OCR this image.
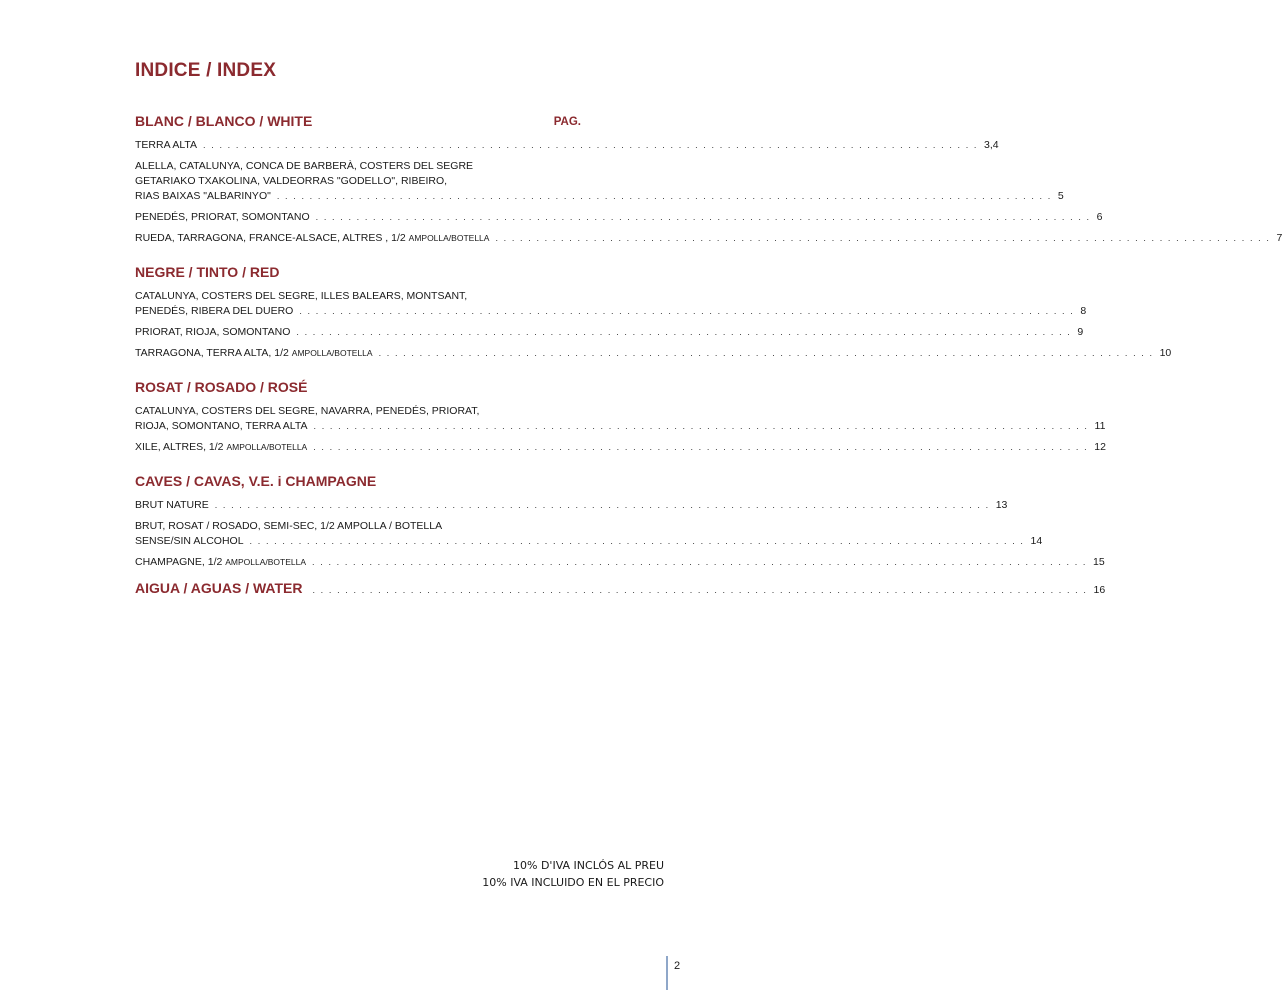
INDICE / INDEX
BLANC / BLANCO / WHITE	PAG.
TERRA ALTA . . . . . . . . . . . . . . . . . . . . . . . . . . . . . . . . . . . . . . . . . . . . . . . . . . . . . . . . . . . . . . . . . . . . . . . . . . . . . . . . . . . . . . . . . . . . . . . 3,4
ALELLA, CATALUNYA, CONCA DE BARBERÀ, COSTERS DEL SEGRE
GETARIAKO TXAKOLINA, VALDEORRAS "GODELLO", RIBEIRO,
RIAS BAIXAS "ALBARINYO" . . . . . . . . . . . . . . . . . . . . . . . . . . . . . . . . . . . . . . . . . . . . . . . . . . . . . . . . . . . . . . . . . . . . . . . . . . . . . . . . . . . . . . . . . . . . . . . 5
PENEDÉS, PRIORAT, SOMONTANO . . . . . . . . . . . . . . . . . . . . . . . . . . . . . . . . . . . . . . . . . . . . . . . . . . . . . . . . . . . . . . . . . . . . . . . . . . . . . . . . . . . . . . . . . . . . . . . 6
RUEDA, TARRAGONA, FRANCE-ALSACE, ALTRES , 1/2 AMPOLLA/BOTELLA . . . . . . . . . . . . . . . . . . . . . . . . . . . . . . . . . . . . . . . . . . . . . . . . . . . . . . . . . . . . . . . . . . . . . . . . . . . . . . . . . . . . . . . . . . . . . . . 7
NEGRE / TINTO / RED
CATALUNYA, COSTERS DEL SEGRE, ILLES BALEARS, MONTSANT,
PENEDÉS, RIBERA DEL DUERO . . . . . . . . . . . . . . . . . . . . . . . . . . . . . . . . . . . . . . . . . . . . . . . . . . . . . . . . . . . . . . . . . . . . . . . . . . . . . . . . . . . . . . . . . . . . . . . 8
PRIORAT, RIOJA, SOMONTANO . . . . . . . . . . . . . . . . . . . . . . . . . . . . . . . . . . . . . . . . . . . . . . . . . . . . . . . . . . . . . . . . . . . . . . . . . . . . . . . . . . . . . . . . . . . . . . . 9
TARRAGONA, TERRA ALTA, 1/2 AMPOLLA/BOTELLA . . . . . . . . . . . . . . . . . . . . . . . . . . . . . . . . . . . . . . . . . . . . . . . . . . . . . . . . . . . . . . . . . . . . . . . . . . . . . . . . . . . . . . . . . . . . . . . 10
ROSAT / ROSADO / ROSÉ
CATALUNYA, COSTERS DEL SEGRE, NAVARRA, PENEDÉS, PRIORAT,
RIOJA, SOMONTANO, TERRA ALTA . . . . . . . . . . . . . . . . . . . . . . . . . . . . . . . . . . . . . . . . . . . . . . . . . . . . . . . . . . . . . . . . . . . . . . . . . . . . . . . . . . . . . . . . . . . . . . . 11
XILE, ALTRES, 1/2 AMPOLLA/BOTELLA . . . . . . . . . . . . . . . . . . . . . . . . . . . . . . . . . . . . . . . . . . . . . . . . . . . . . . . . . . . . . . . . . . . . . . . . . . . . . . . . . . . . . . . . . . . . . . . 12
CAVES / CAVAS, V.E. i CHAMPAGNE
BRUT NATURE . . . . . . . . . . . . . . . . . . . . . . . . . . . . . . . . . . . . . . . . . . . . . . . . . . . . . . . . . . . . . . . . . . . . . . . . . . . . . . . . . . . . . . . . . . . . . . . 13
BRUT, ROSAT / ROSADO, SEMI-SEC, 1/2 AMPOLLA / BOTELLA
SENSE/SIN ALCOHOL . . . . . . . . . . . . . . . . . . . . . . . . . . . . . . . . . . . . . . . . . . . . . . . . . . . . . . . . . . . . . . . . . . . . . . . . . . . . . . . . . . . . . . . . . . . . . . . 14
CHAMPAGNE, 1/2 AMPOLLA/BOTELLA . . . . . . . . . . . . . . . . . . . . . . . . . . . . . . . . . . . . . . . . . . . . . . . . . . . . . . . . . . . . . . . . . . . . . . . . . . . . . . . . . . . . . . . . . . . . . . . 15
AIGUA / AGUAS / WATER . . . . . . . . . . . . . . . . . . . . . . . . . . . . . . . . . . . . . . . . . . . . . . . . . . . . . . . . . . . . . . . . . . . . . . . . . . . . . . . . . . . . . . . . . . . . . . . 16
10% D'IVA INCLÓS AL PREU
10% IVA INCLUIDO EN EL PRECIO
2
